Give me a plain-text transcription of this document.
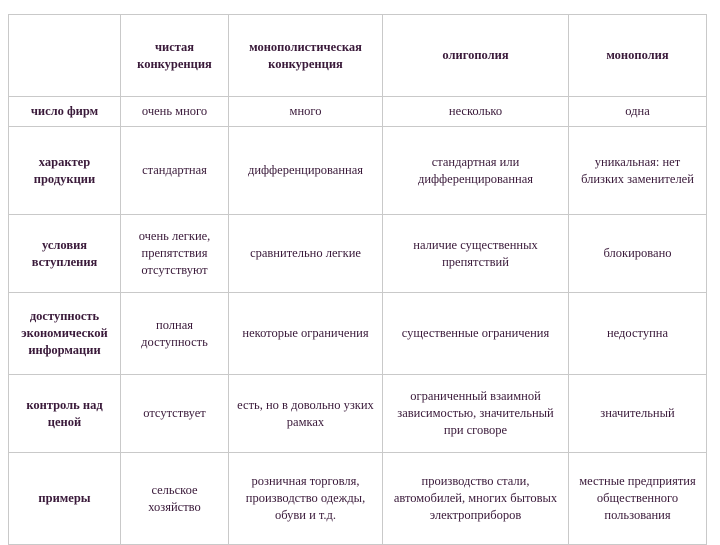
	чистая конкуренция	монополистическая конкуренция	олигополия	монополия
число фирм	очень много	много	несколько	одна
характер продукции	стандартная	дифференцированная	стандартная или дифференцированная	уникальная: нет близких заменителей
условия вступления	очень легкие, препятствия отсутствуют	сравнительно легкие	наличие существенных препятствий	блокировано
доступность экономической информации	полная доступность	некоторые ограничения	существенные ограничения	недоступна
контроль над ценой	отсутствует	есть, но в довольно узких рамках	ограниченный взаимной зависимостью, значительный при сговоре	значительный
примеры	сельское хозяйство	розничная торговля, производство одежды, обуви и т.д.	производство стали, автомобилей, многих бытовых электроприборов	местные предприятия общественного пользования
